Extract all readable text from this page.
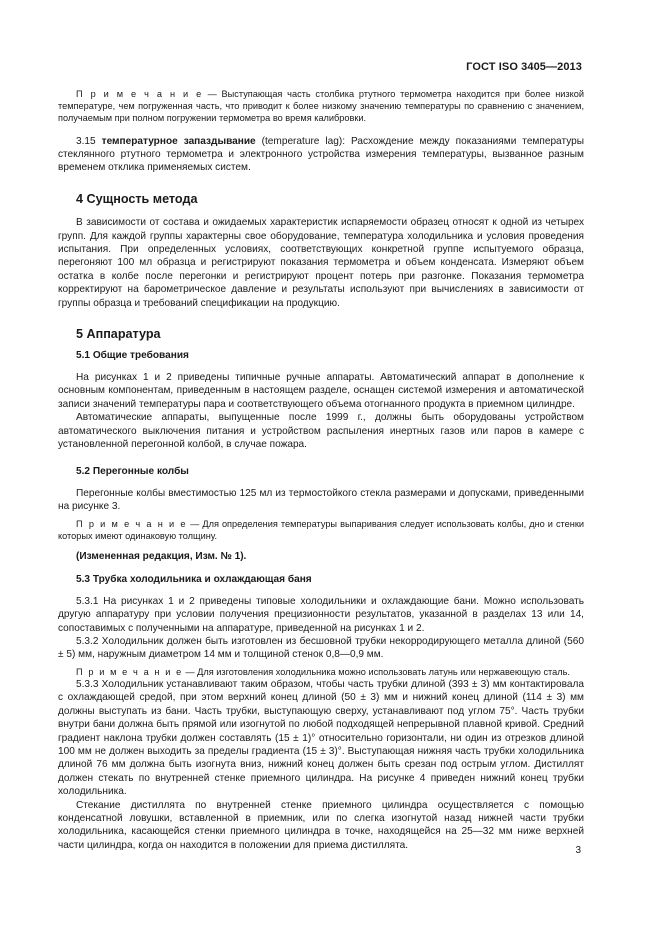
ГОСТ ISO 3405—2013

П р и м е ч а н и е — Выступающая часть столбика ртутного термометра находится при более низкой температуре, чем погруженная часть, что приводит к более низкому значению температуры по сравнению с значением, получаемым при полном погружении термометра во время калибровки.

3.15 температурное запаздывание (temperature lag): Расхождение между показаниями температуры стеклянного ртутного термометра и электронного устройства измерения температуры, вызванное разным временем отклика применяемых систем.

4 Сущность метода

В зависимости от состава и ожидаемых характеристик испаряемости образец относят к одной из четырех групп. Для каждой группы характерны свое оборудование, температура холодильника и условия проведения испытания. При определенных условиях, соответствующих конкретной группе испытуемого образца, перегоняют 100 мл образца и регистрируют показания термометра и объем конденсата. Измеряют объем остатка в колбе после перегонки и регистрируют процент потерь при разгонке. Показания термометра корректируют на барометрическое давление и результаты используют при вычислениях в зависимости от группы образца и требований спецификации на продукцию.

5 Аппаратура
5.1 Общие требования

На рисунках 1 и 2 приведены типичные ручные аппараты. Автоматический аппарат в дополнение к основным компонентам, приведенным в настоящем разделе, оснащен системой измерения и автоматической записи значений температуры пара и соответствующего объема отогнанного продукта в приемном цилиндре.

Автоматические аппараты, выпущенные после 1999 г., должны быть оборудованы устройством автоматического выключения питания и устройством распыления инертных газов или паров в камере с установленной перегонной колбой, в случае пожара.

5.2 Перегонные колбы

Перегонные колбы вместимостью 125 мл из термостойкого стекла размерами и допусками, приведенными на рисунке 3.

П р и м е ч а н и е — Для определения температуры выпаривания следует использовать колбы, дно и стенки которых имеют одинаковую толщину.

(Измененная редакция, Изм. № 1).

5.3 Трубка холодильника и охлаждающая баня

5.3.1 На рисунках 1 и 2 приведены типовые холодильники и охлаждающие бани. Можно использовать другую аппаратуру при условии получения прецизионности результатов, указанной в разделах 13 или 14, сопоставимых с полученными на аппаратуре, приведенной на рисунках 1 и 2.

5.3.2 Холодильник должен быть изготовлен из бесшовной трубки некорродирующего металла длиной (560 ± 5) мм, наружным диаметром 14 мм и толщиной стенок 0,8—0,9 мм.

П р и м е ч а н и е — Для изготовления холодильника можно использовать латунь или нержавеющую сталь.

5.3.3 Холодильник устанавливают таким образом, чтобы часть трубки длиной (393 ± 3) мм контактировала с охлаждающей средой, при этом верхний конец длиной (50 ± 3) мм и нижний конец длиной (114 ± 3) мм должны выступать из бани. Часть трубки, выступающую сверху, устанавливают под углом 75°. Часть трубки внутри бани должна быть прямой или изогнутой по любой подходящей непрерывной плавной кривой. Средний градиент наклона трубки должен составлять (15 ± 1)° относительно горизонтали, ни один из отрезков длиной 100 мм не должен выходить за пределы градиента (15 ± 3)°. Выступающая нижняя часть трубки холодильника длиной 76 мм должна быть изогнута вниз, нижний конец должен быть срезан под острым углом. Дистиллят должен стекать по внутренней стенке приемного цилиндра. На рисунке 4 приведен нижний конец трубки холодильника.

Стекание дистиллята по внутренней стенке приемного цилиндра осуществляется с помощью конденсатной ловушки, вставленной в приемник, или по слегка изогнутой назад нижней части трубки холодильника, касающейся стенки приемного цилиндра в точке, находящейся на 25—32 мм ниже верхней части цилиндра, когда он находится в положении для приема дистиллята.	3
